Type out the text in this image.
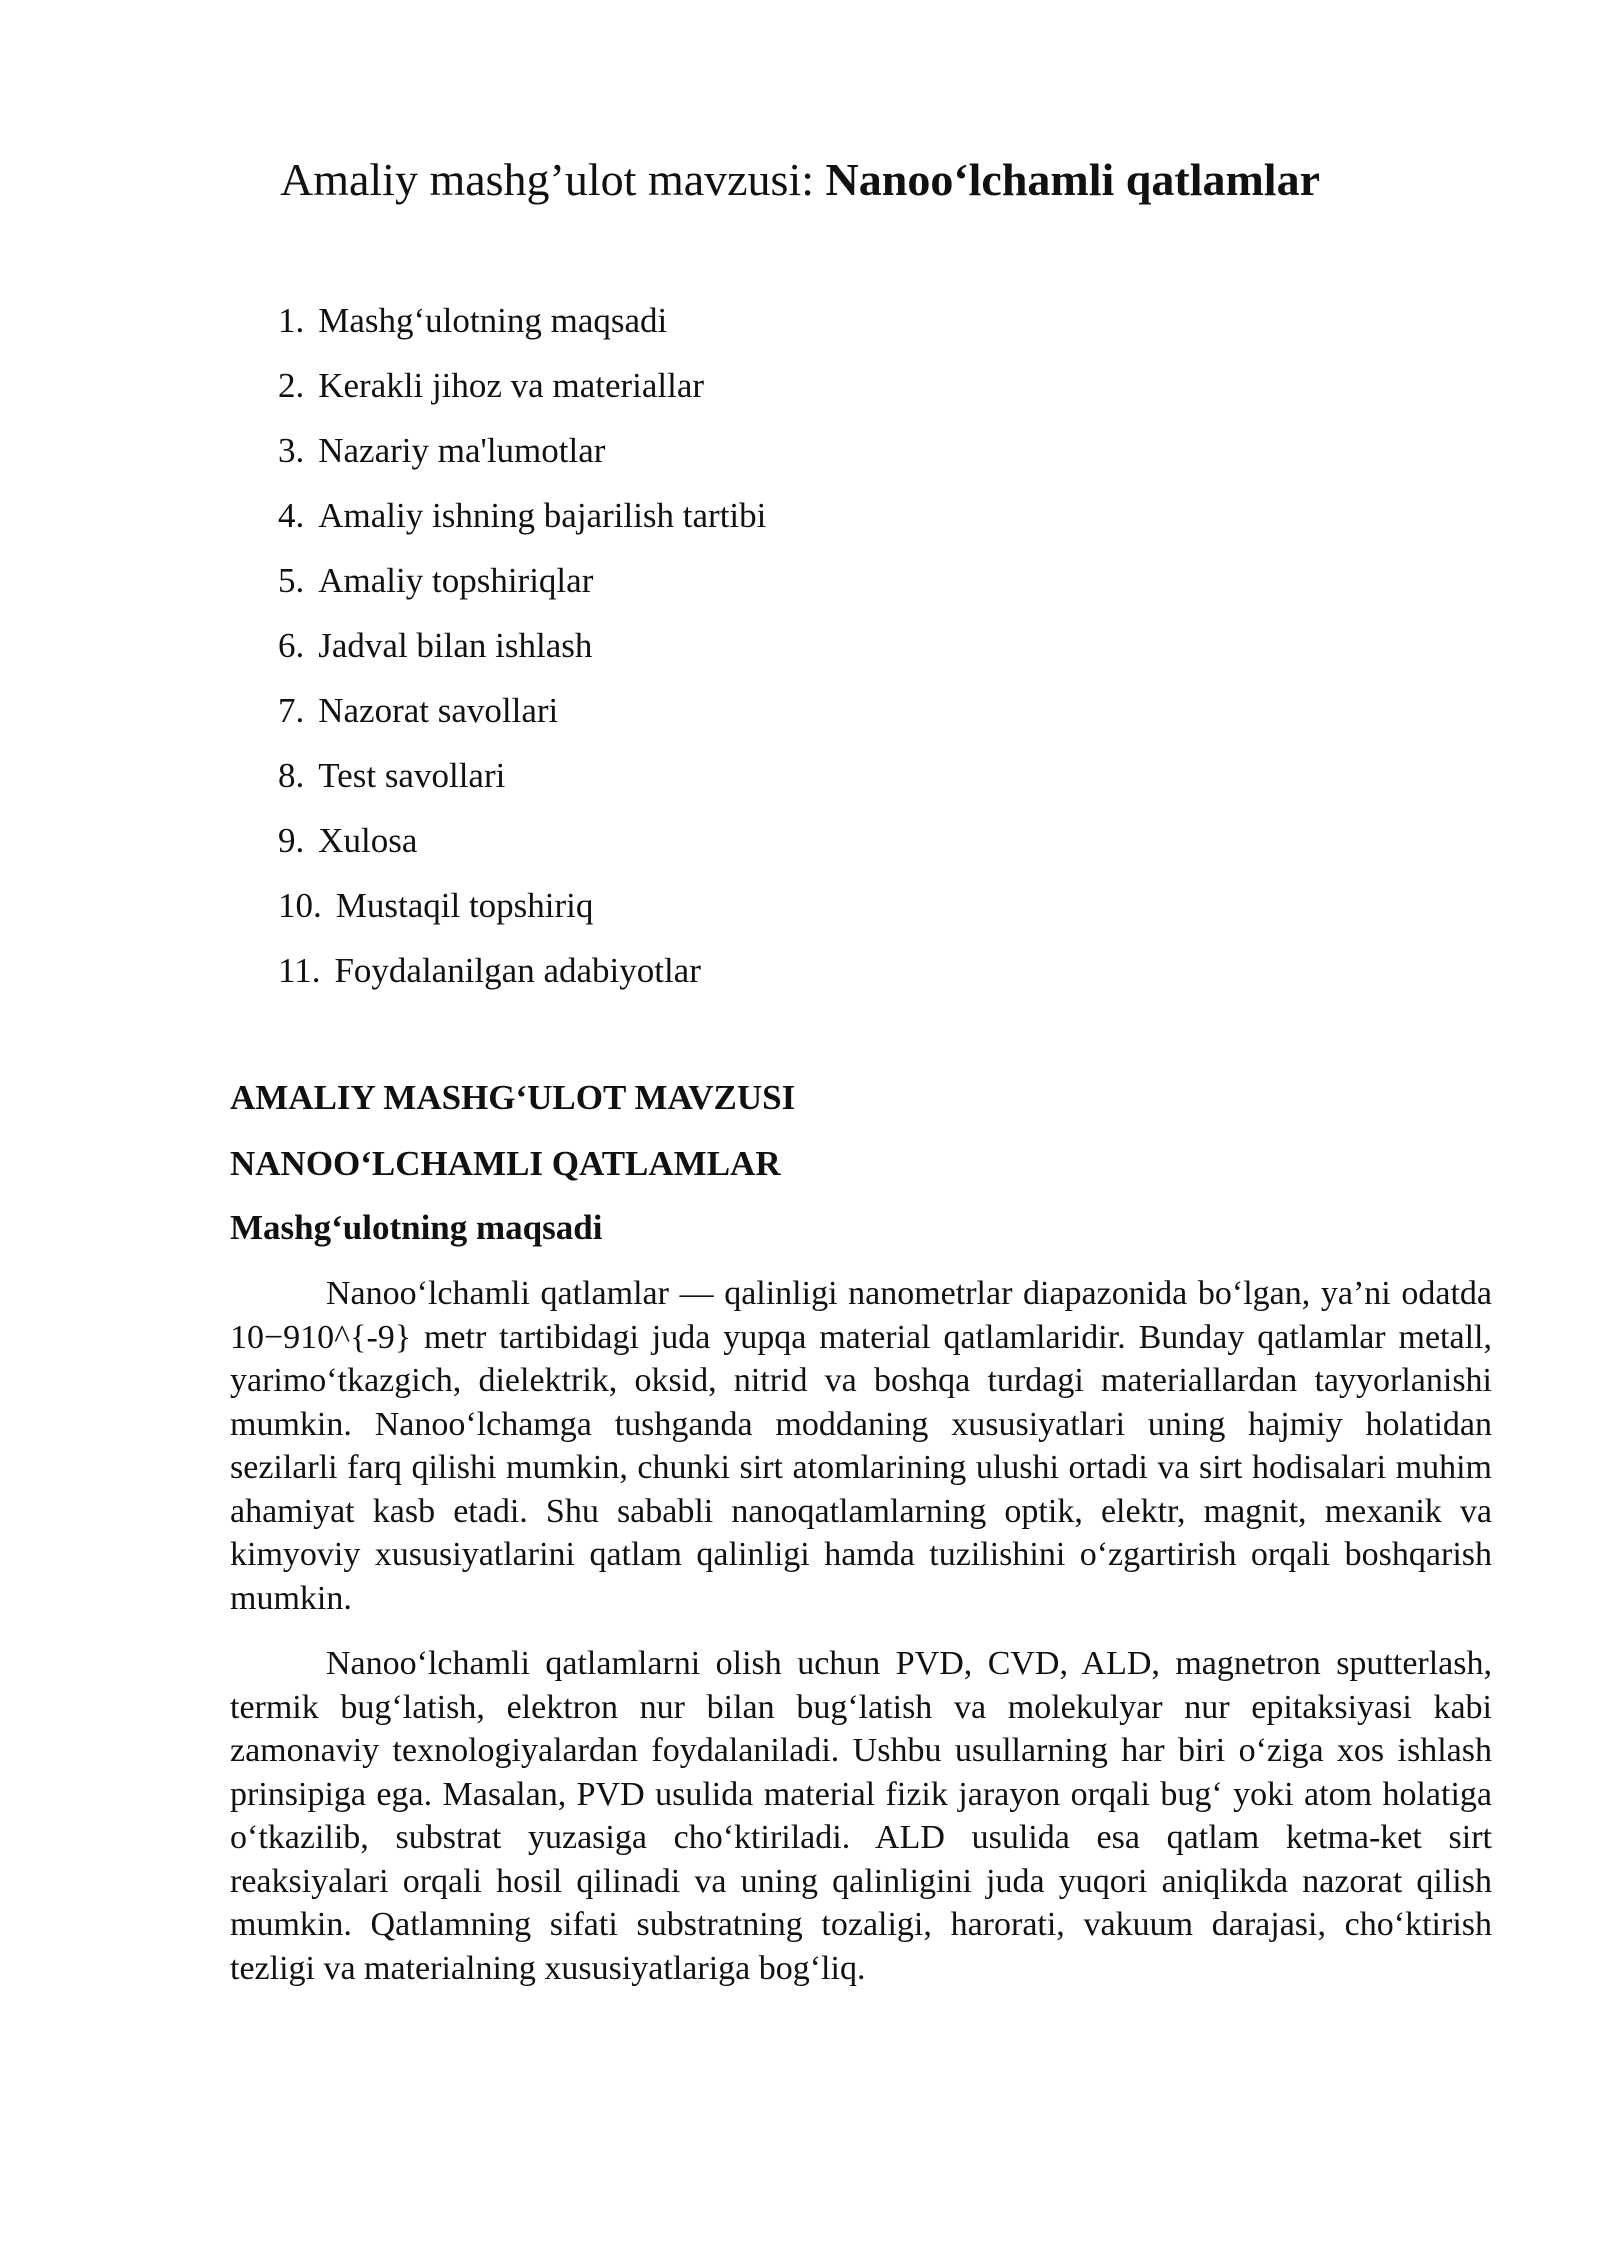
Amaliy mashg’ulot mavzusi: Nanooʻlchamli qatlamlar
1. Mashgʻulotning maqsadi
2. Kerakli jihoz va materiallar
3. Nazariy ma'lumotlar
4. Amaliy ishning bajarilish tartibi
5. Amaliy topshiriqlar
6. Jadval bilan ishlash
7. Nazorat savollari
8. Test savollari
9. Xulosa
10. Mustaqil topshiriq
11. Foydalanilgan adabiyotlar
AMALIY MASHGʻULOT MAVZUSI
NANOOʻLCHAMLI QATLAMLAR
Mashgʻulotning maqsadi

Nanooʻlchamli qatlamlar — qalinligi nanometrlar diapazonida boʻlgan, ya’ni odatda 10−910^{-9} metr tartibidagi juda yupqa material qatlamlaridir. Bunday qatlamlar metall, yarimoʻtkazgich, dielektrik, oksid, nitrid va boshqa turdagi materiallardan tayyorlanishi mumkin. Nanooʻlchamga tushganda moddaning xususiyatlari uning hajmiy holatidan sezilarli farq qilishi mumkin, chunki sirt atomlarining ulushi ortadi va sirt hodisalari muhim ahamiyat kasb etadi. Shu sababli nanoqatlamlarning optik, elektr, magnit, mexanik va kimyoviy xususiyatlarini qatlam qalinligi hamda tuzilishini oʻzgartirish orqali boshqarish mumkin.

Nanooʻlchamli qatlamlarni olish uchun PVD, CVD, ALD, magnetron sputterlash, termik bugʻlatish, elektron nur bilan bugʻlatish va molekulyar nur epitaksiyasi kabi zamonaviy texnologiyalardan foydalaniladi. Ushbu usullarning har biri oʻziga xos ishlash prinsipiga ega. Masalan, PVD usulida material fizik jarayon orqali bugʻ yoki atom holatiga oʻtkazilib, substrat yuzasiga choʻktiriladi. ALD usulida esa qatlam ketma-ket sirt reaksiyalari orqali hosil qilinadi va uning qalinligini juda yuqori aniqlikda nazorat qilish mumkin. Qatlamning sifati substratning tozaligi, harorati, vakuum darajasi, choʻktirish tezligi va materialning xususiyatlariga bogʻliq.
